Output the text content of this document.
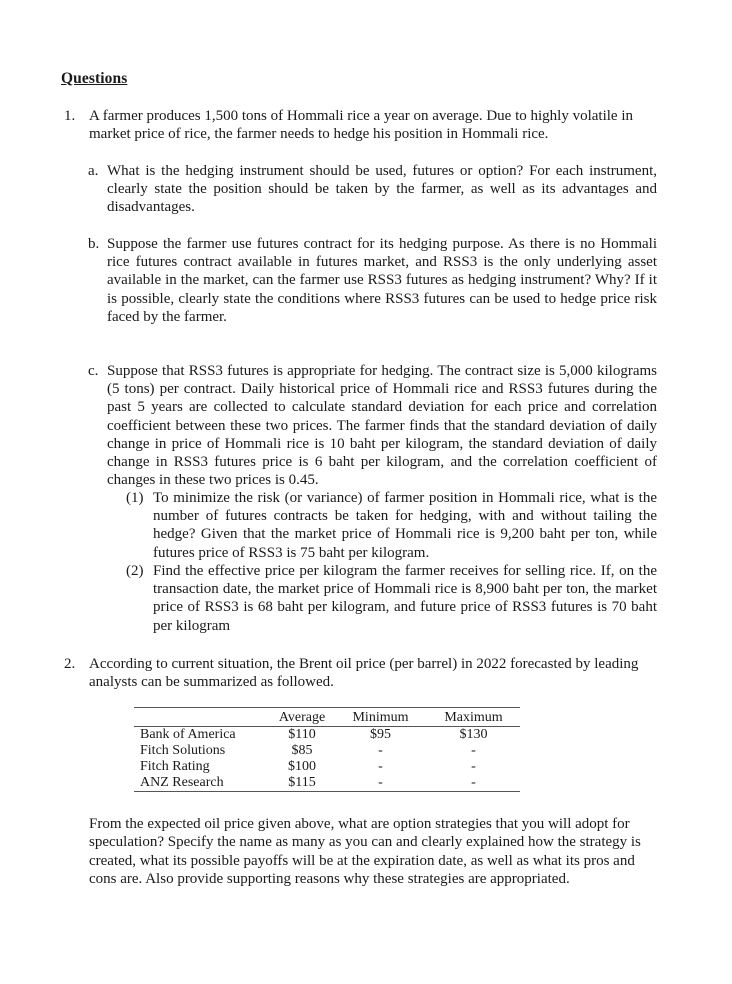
Questions
1. A farmer produces 1,500 tons of Hommali rice a year on average. Due to highly volatile in market price of rice, the farmer needs to hedge his position in Hommali rice.
a. What is the hedging instrument should be used, futures or option? For each instrument, clearly state the position should be taken by the farmer, as well as its advantages and disadvantages.
b. Suppose the farmer use futures contract for its hedging purpose. As there is no Hommali rice futures contract available in futures market, and RSS3 is the only underlying asset available in the market, can the farmer use RSS3 futures as hedging instrument? Why? If it is possible, clearly state the conditions where RSS3 futures can be used to hedge price risk faced by the farmer.
c. Suppose that RSS3 futures is appropriate for hedging. The contract size is 5,000 kilograms (5 tons) per contract. Daily historical price of Hommali rice and RSS3 futures during the past 5 years are collected to calculate standard deviation for each price and correlation coefficient between these two prices. The farmer finds that the standard deviation of daily change in price of Hommali rice is 10 baht per kilogram, the standard deviation of daily change in RSS3 futures price is 6 baht per kilogram, and the correlation coefficient of changes in these two prices is 0.45.
(1) To minimize the risk (or variance) of farmer position in Hommali rice, what is the number of futures contracts be taken for hedging, with and without tailing the hedge? Given that the market price of Hommali rice is 9,200 baht per ton, while futures price of RSS3 is 75 baht per kilogram.
(2) Find the effective price per kilogram the farmer receives for selling rice. If, on the transaction date, the market price of Hommali rice is 8,900 baht per ton, the market price of RSS3 is 68 baht per kilogram, and future price of RSS3 futures is 70 baht per kilogram
2. According to current situation, the Brent oil price (per barrel) in 2022 forecasted by leading analysts can be summarized as followed.

	Average	Minimum	Maximum
Bank of America	$110	$95	$130
Fitch Solutions	$85	-	-
Fitch Rating	$100	-	-
ANZ Research	$115	-	-
From the expected oil price given above, what are option strategies that you will adopt for speculation? Specify the name as many as you can and clearly explained how the strategy is created, what its possible payoffs will be at the expiration date, as well as what its pros and cons are. Also provide supporting reasons why these strategies are appropriated.
